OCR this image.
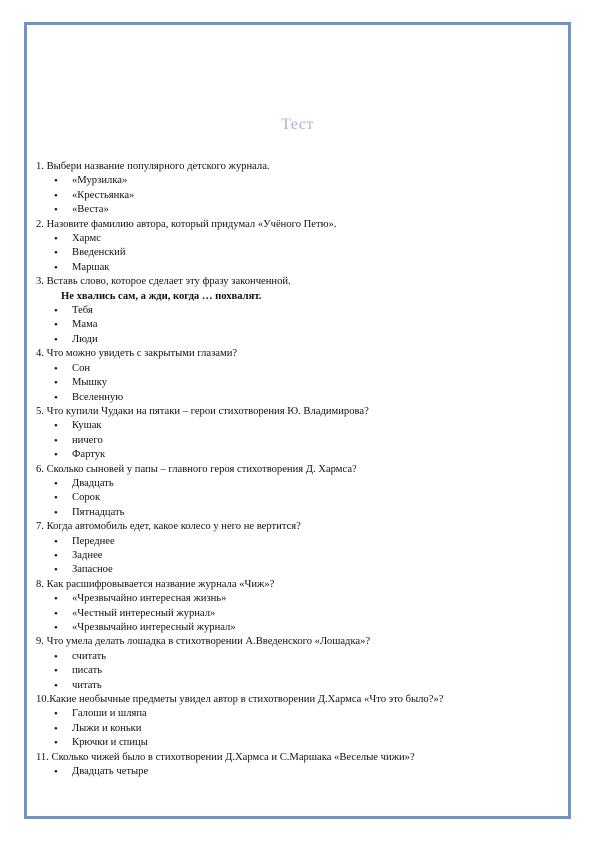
Тест
1. Выбери название популярного детского журнала.
• «Мурзилка»
• «Крестьянка»
• «Веста»
2. Назовите фамилию автора, который придумал «Учёного Петю».
• Хармс
• Введенский
• Маршак
3. Вставь слово, которое сделает эту фразу законченной.
Не хвались сам, а жди, когда … похвалят.
• Тебя
• Мама
• Люди
4. Что можно увидеть с закрытыми глазами?
• Сон
• Мышку
• Вселенную
5. Что купили Чудаки на пятаки – герои стихотворения Ю. Владимирова?
• Кушак
• ничего
• Фартук
6. Сколько сыновей у папы – главного героя стихотворения Д. Хармса?
• Двадцать
• Сорок
• Пятнадцать
7. Когда автомобиль едет, какое колесо у него не вертится?
• Переднее
• Заднее
• Запасное
8. Как расшифровывается название журнала «Чиж»?
• «Чрезвычайно интересная жизнь»
• «Честный интересный журнал»
• «Чрезвычайно интересный журнал»
9. Что умела делать лошадка в стихотворении А.Введенского «Лошадка»?
• считать
• писать
• читать
10.Какие необычные предметы увидел автор в стихотворении Д.Хармса «Что это было?»?
• Галоши и шляпа
• Лыжи и коньки
• Крючки и спицы
11. Сколько чижей было в стихотворении Д.Хармса и С.Маршака «Веселые чижи»?
• Двадцать четыре
